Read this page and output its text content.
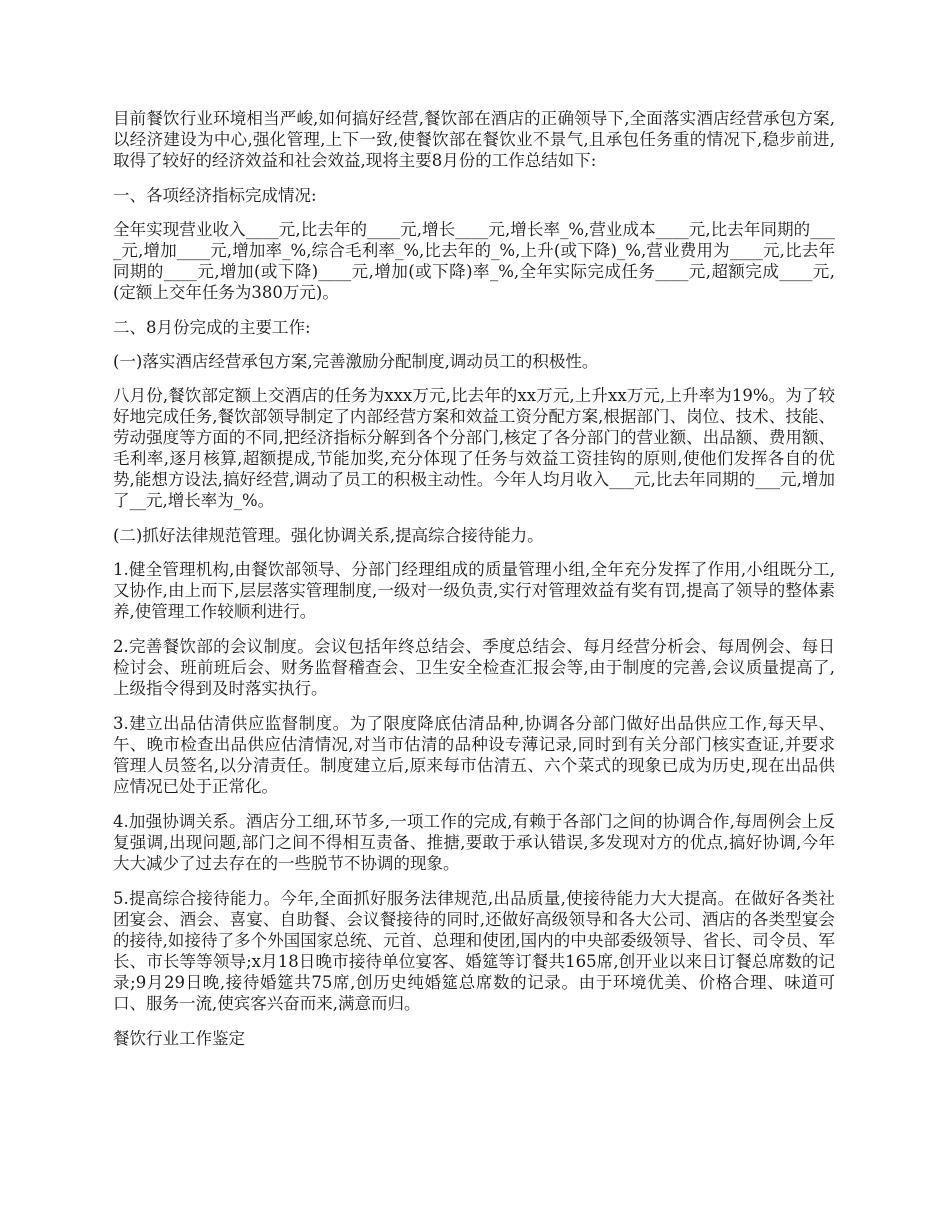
目前餐饮行业环境相当严峻,如何搞好经营,餐饮部在酒店的正确领导下,全面落实酒店经营承包方案,以经济建设为中心,强化管理,上下一致,使餐饮部在餐饮业不景气,且承包任务重的情况下,稳步前进,取得了较好的经济效益和社会效益,现将主要8月份的工作总结如下:

一、各项经济指标完成情况:

全年实现营业收入____元,比去年的____元,增长____元,增长率_%,营业成本____元,比去年同期的____元,增加____元,增加率_%,综合毛利率_%,比去年的_%,上升(或下降)_%,营业费用为____元,比去年同期的____元,增加(或下降)____元,增加(或下降)率_%,全年实际完成任务____元,超额完成____元,(定额上交年任务为380万元)。

二、8月份完成的主要工作:

(一)落实酒店经营承包方案,完善激励分配制度,调动员工的积极性。

八月份,餐饮部定额上交酒店的任务为xxx万元,比去年的xx万元,上升xx万元,上升率为19%。为了较好地完成任务,餐饮部领导制定了内部经营方案和效益工资分配方案,根据部门、岗位、技术、技能、劳动强度等方面的不同,把经济指标分解到各个分部门,核定了各分部门的营业额、出品额、费用额、毛利率,逐月核算,超额提成,节能加奖,充分体现了任务与效益工资挂钩的原则,使他们发挥各自的优势,能想方设法,搞好经营,调动了员工的积极主动性。今年人均月收入___元,比去年同期的___元,增加了__元,增长率为_%。

(二)抓好法律规范管理。强化协调关系,提高综合接待能力。

1.健全管理机构,由餐饮部领导、分部门经理组成的质量管理小组,全年充分发挥了作用,小组既分工,又协作,由上而下,层层落实管理制度,一级对一级负责,实行对管理效益有奖有罚,提高了领导的整体素养,使管理工作较顺利进行。

2.完善餐饮部的会议制度。会议包括年终总结会、季度总结会、每月经营分析会、每周例会、每日检讨会、班前班后会、财务监督稽查会、卫生安全检查汇报会等,由于制度的完善,会议质量提高了,上级指令得到及时落实执行。

3.建立出品估清供应监督制度。为了限度降底估清品种,协调各分部门做好出品供应工作,每天早、午、晚市检查出品供应估清情况,对当市估清的品种设专薄记录,同时到有关分部门核实查证,并要求管理人员签名,以分清责任。制度建立后,原来每市估清五、六个菜式的现象已成为历史,现在出品供应情况已处于正常化。

4.加强协调关系。酒店分工细,环节多,一项工作的完成,有赖于各部门之间的协调合作,每周例会上反复强调,出现问题,部门之间不得相互责备、推搪,要敢于承认错误,多发现对方的优点,搞好协调,今年大大减少了过去存在的一些脱节不协调的现象。

5.提高综合接待能力。今年,全面抓好服务法律规范,出品质量,使接待能力大大提高。在做好各类社团宴会、酒会、喜宴、自助餐、会议餐接待的同时,还做好高级领导和各大公司、酒店的各类型宴会的接待,如接待了多个外国国家总统、元首、总理和使团,国内的中央部委级领导、省长、司令员、军长、市长等等领导;x月18日晚市接待单位宴客、婚筵等订餐共165席,创开业以来日订餐总席数的记录;9月29日晚,接待婚筵共75席,创历史纯婚筵总席数的记录。由于环境优美、价格合理、味道可口、服务一流,使宾客兴奋而来,满意而归。

餐饮行业工作鉴定
